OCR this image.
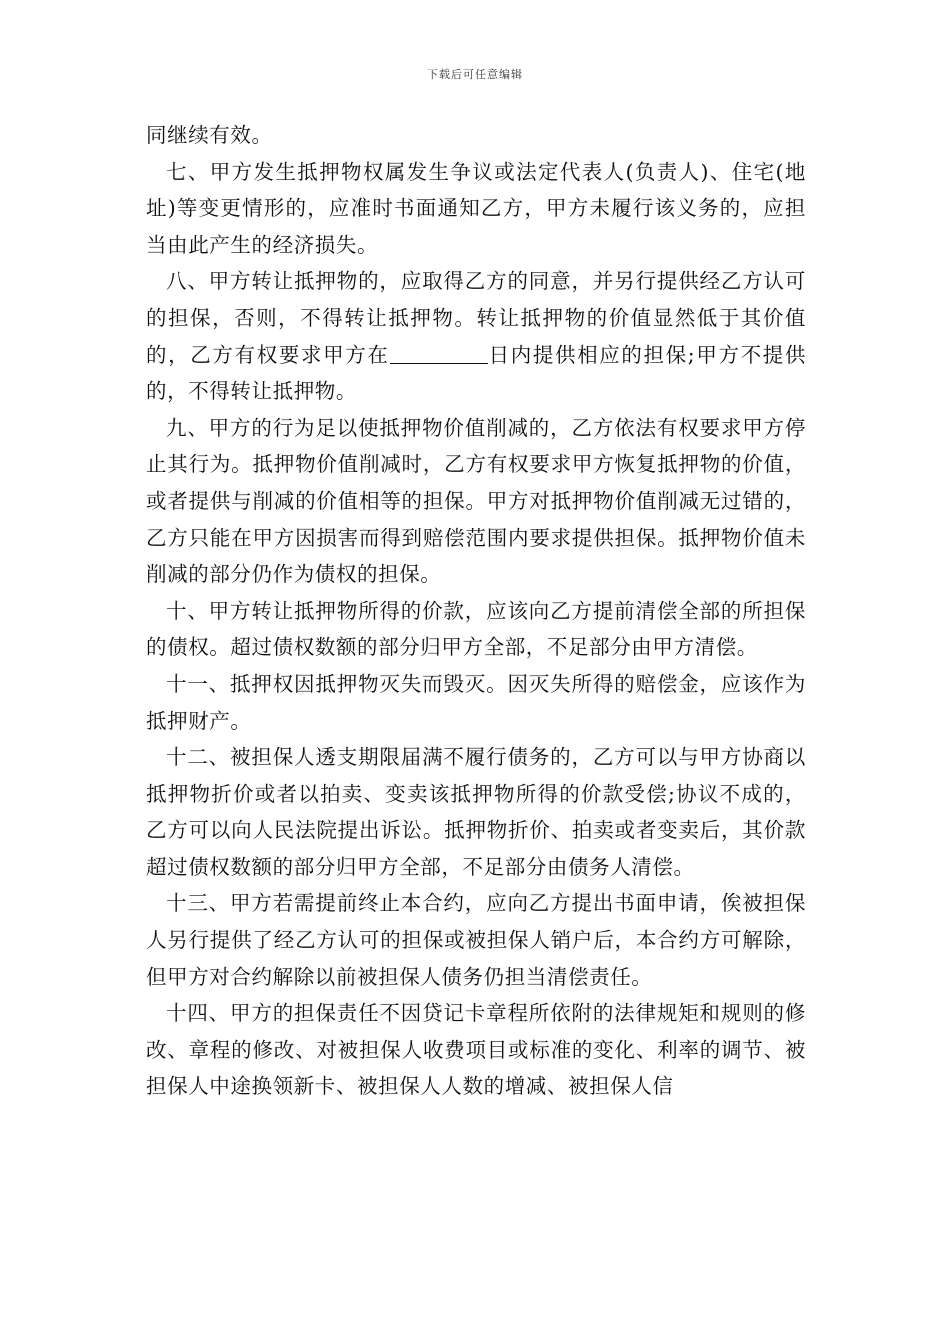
下载后可任意编辑

同继续有效。

七、甲方发生抵押物权属发生争议或法定代表人(负责人)、住宅(地址)等变更情形的，应准时书面通知乙方，甲方未履行该义务的，应担当由此产生的经济损失。

八、甲方转让抵押物的，应取得乙方的同意，并另行提供经乙方认可的担保，否则，不得转让抵押物。转让抵押物的价值显然低于其价值的，乙方有权要求甲方在	日内提供相应的担保;甲方不提供的，不得转让抵押物。

九、甲方的行为足以使抵押物价值削减的，乙方依法有权要求甲方停止其行为。抵押物价值削减时，乙方有权要求甲方恢复抵押物的价值，或者提供与削减的价值相等的担保。甲方对抵押物价值削减无过错的，乙方只能在甲方因损害而得到赔偿范围内要求提供担保。抵押物价值未削减的部分仍作为债权的担保。

十、甲方转让抵押物所得的价款，应该向乙方提前清偿全部的所担保的债权。超过债权数额的部分归甲方全部，不足部分由甲方清偿。

十一、抵押权因抵押物灭失而毁灭。因灭失所得的赔偿金，应该作为抵押财产。

十二、被担保人透支期限届满不履行债务的，乙方可以与甲方协商以抵押物折价或者以拍卖、变卖该抵押物所得的价款受偿;协议不成的，乙方可以向人民法院提出诉讼。抵押物折价、拍卖或者变卖后，其价款超过债权数额的部分归甲方全部，不足部分由债务人清偿。

十三、甲方若需提前终止本合约，应向乙方提出书面申请，俟被担保人另行提供了经乙方认可的担保或被担保人销户后，本合约方可解除，但甲方对合约解除以前被担保人债务仍担当清偿责任。

十四、甲方的担保责任不因贷记卡章程所依附的法律规矩和规则的修改、章程的修改、对被担保人收费项目或标准的变化、利率的调节、被担保人中途换领新卡、被担保人人数的增减、被担保人信
